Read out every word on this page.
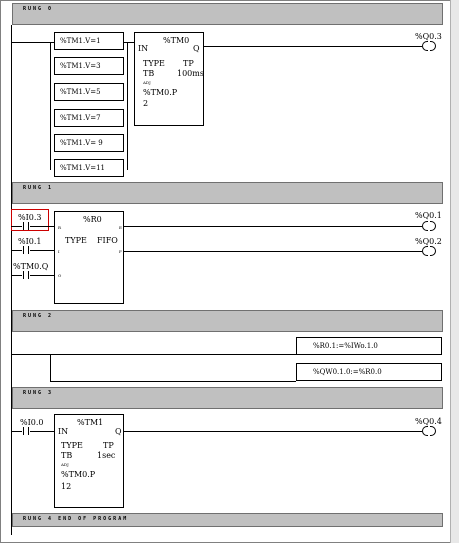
RUNG 0
%TM1.V=1
%TM1.V=3
%TM1.V=5
%TM1.V=7
%TM1.V= 9
%TM1.V=11
%TM0
IN	Q
TYPE TP
TB	100ms
ADJ
%TM0.P
2
%Q0.3
RUNG 1
%I0.3
%I0.1
%TM0.Q
%R0
R	E
TYPE FIFO
I	F
O
%Q0.1
%Q0.2
RUNG 2
%R0.1:=%IWo.1.0
%QW0.1.0:=%R0.0
RUNG 3
%I0.0	%TM1
IN	Q
TYPE	TP
TB	1sec
ADJ
%TM0.P
12
%Q0.4
RUNG 4 END OF PROGRAM
